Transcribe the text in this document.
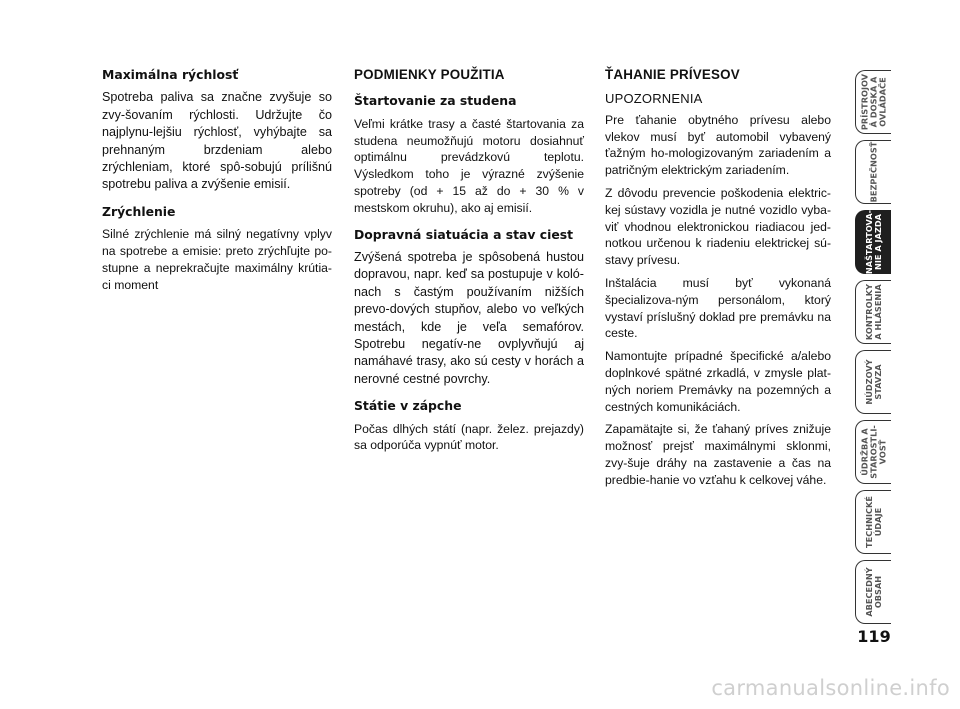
Maximálna rýchlosť

Spotreba paliva sa značne zvyšuje so zvy-šovaním rýchlosti. Udržujte čo najplynu-lejšiu rýchlosť, vyhýbajte sa prehnaným brzdeniam alebo zrýchleniam, ktoré spô-sobujú prílišnú spotrebu paliva a zvýšenie emisií.

Zrýchlenie

Silné zrýchlenie má silný negatívny vplyv na spotrebe a emisie: preto zrýchľujte po-stupne a neprekračujte maximálny krútia-ci moment

PODMIENKY POUŽITIA
Štartovanie za studena

Veľmi krátke trasy a časté štartovania za studena neumožňujú motoru dosiahnuť optimálnu prevádzkovú teplotu. Výsledkom toho je výrazné zvýšenie spotreby (od + 15 až do + 30 % v mestskom okruhu), ako aj emisií.

Dopravná siatuácia a stav ciest

Zvýšená spotreba je spôsobená hustou dopravou, napr. keď sa postupuje v koló-nach s častým používaním nižších prevo-dových stupňov, alebo vo veľkých mestách, kde je veľa semafórov. Spotrebu negatív-ne ovplyvňujú aj namáhavé trasy, ako sú cesty v horách a nerovné cestné povrchy.

Státie v zápche

Počas dlhých státí (napr. želez. prejazdy) sa odporúča vypnúť motor.

ŤAHANIE PRÍVESOV
UPOZORNENIA

Pre ťahanie obytného prívesu alebo vlekov musí byť automobil vybavený ťažným ho-mologizovaným zariadením a patričným elektrickým zariadením.

Z dôvodu prevencie poškodenia elektric-kej sústavy vozidla je nutné vozidlo vyba-viť vhodnou elektronickou riadiacou jed-notkou určenou k riadeniu elektrickej sú-stavy prívesu.

Inštalácia musí byť vykonaná špecializova-ným personálom, ktorý vystaví príslušný doklad pre premávku na ceste.

Namontujte prípadné špecifické a/alebo doplnkové spätné zrkadlá, v zmysle plat-ných noriem Premávky na pozemných a cestných komunikáciách.

Zapamätajte si, že ťahaný príves znižuje možnosť prejsť maximálnymi sklonmi, zvy-šuje dráhy na zastavenie a čas na predbie-hanie vo vzťahu k celkovej váhe.

PRÍSTROJOV
Á DOSKA A
OVLÁDAČE
BEZPEČNOSŤ
NAŠTARTOVA-
NIE A JAZDA
KONTROLKY
A HLÁSENIA
NÚDZOVÝ
STAVZA
ÚDRŽBA A
STAROSTLI-
VOSŤ
TECHNICKÉ
ÚDAJE
ABECEDNÝ
OBSAH
119
carmanualsonline.info
